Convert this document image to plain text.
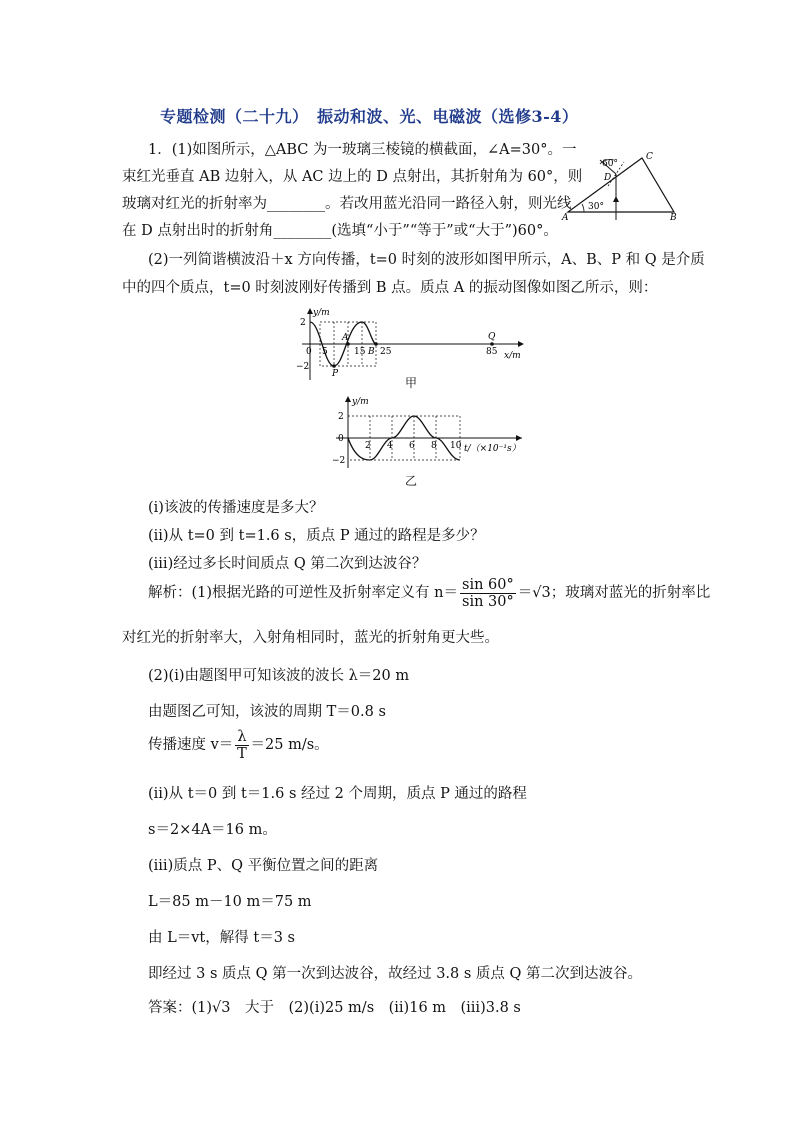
专题检测（二十九）　振动和波、光、电磁波（选修3-4）
1．(1)如图所示，△ABC 为一玻璃三棱镜的横截面，∠A=30°。一
束红光垂直 AB 边射入，从 AC 边上的 D 点射出，其折射角为 60°，则
玻璃对红光的折射率为________。若改用蓝光沿同一路径入射，则光线
在 D 点射出时的折射角________(选填“小于”“等于”或“大于”)60°。
(2)一列简谐横波沿＋x 方向传播，t=0 时刻的波形如图甲所示，A、B、P 和 Q 是介质
中的四个质点，t=0 时刻波刚好传播到 B 点。质点 A 的振动图像如图乙所示，则：
60°
30°
A	B
C
D
y/m
x/m
2
−2
0 5	15 25	85
A
B
P
Q
甲
y/m
t/（×10⁻¹s）
2
0
−2
2 4 6 8 10
乙
(ⅰ)该波的传播速度是多大？
(ⅱ)从 t=0 到 t=1.6 s，质点 P 通过的路程是多少？
(ⅲ)经过多长时间质点 Q 第二次到达波谷？
解析：(1)根据光路的可逆性及折射率定义有 $n= \frac{\sin 60^\circ}{\sin 30^\circ} =√3$；玻璃对蓝光的折射率比
对红光的折射率大，入射角相同时，蓝光的折射角更大些。
(2)(ⅰ)由题图甲可知该波的波长 λ＝20 m
由题图乙可知，该波的周期 T＝0.8 s
传播速度 $v= \frac{\lambda}{T} =25$ m/s。
(ⅱ)从 t＝0 到 t＝1.6 s 经过 2 个周期，质点 P 通过的路程
s＝2×4A＝16 m。
(ⅲ)质点 P、Q 平衡位置之间的距离
L＝85 m－10 m＝75 m
由 L＝vt，解得 t＝3 s
即经过 3 s 质点 Q 第一次到达波谷，故经过 3.8 s 质点 Q 第二次到达波谷。
答案：(1)√3　大于　(2)(ⅰ)25 m/s　(ⅱ)16 m　(ⅲ)3.8 s
